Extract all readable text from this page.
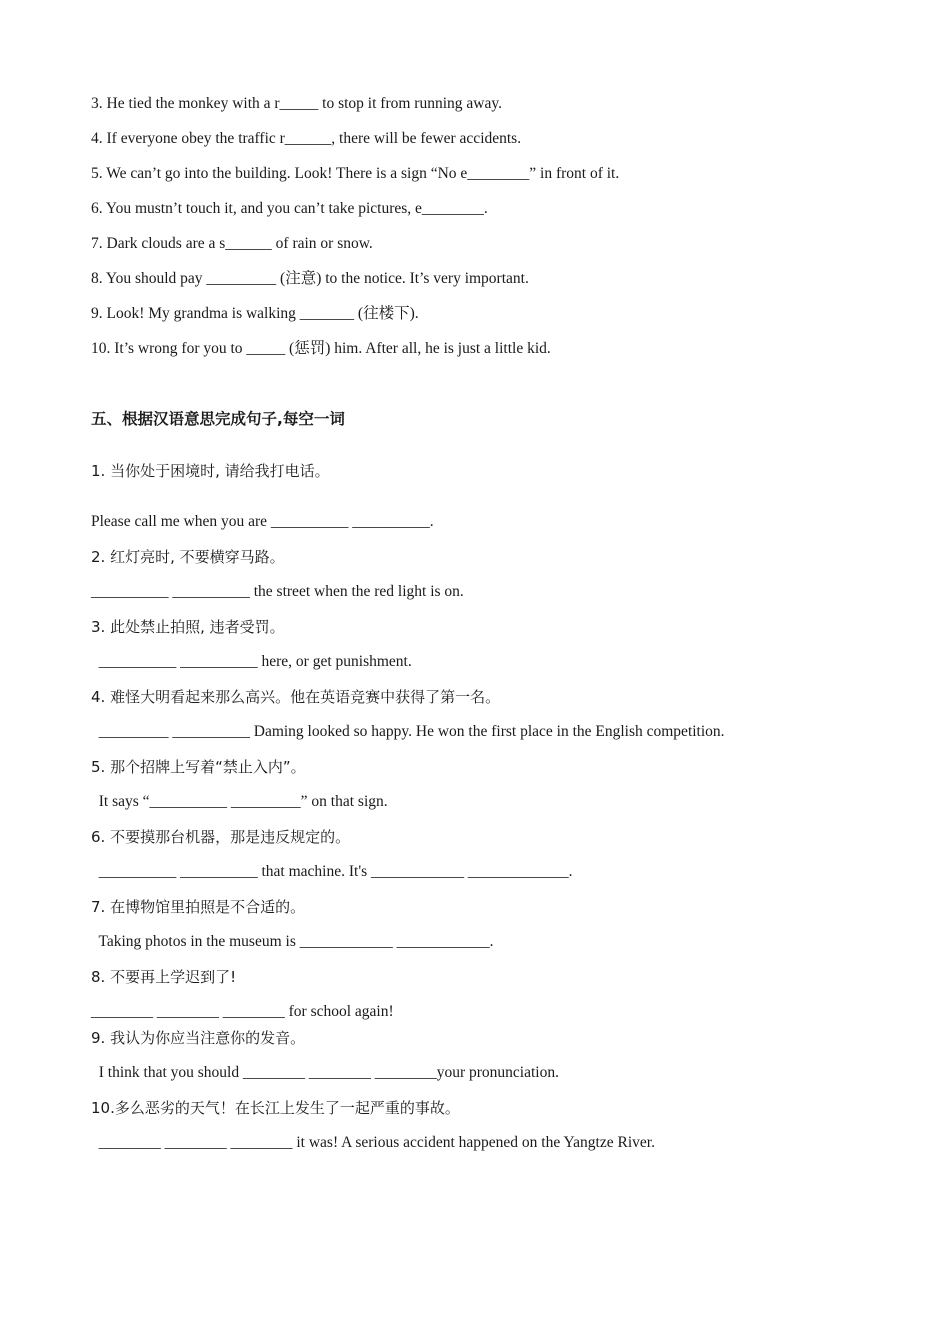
3. He tied the monkey with a r_____ to stop it from running away.
4. If everyone obey the traffic r______, there will be fewer accidents.
5. We can’t go into the building. Look! There is a sign “No e________” in front of it.
6. You mustn’t touch it, and you can’t take pictures, e________.
7. Dark clouds are a s______ of rain or snow.
8. You should pay _________ (注意) to the notice. It’s very important.
9. Look! My grandma is walking _______ (往楼下).
10. It’s wrong for you to _____ (惩罚) him. After all, he is just a little kid.
五、根据汉语意思完成句子,每空一词
1. 当你处于困境时, 请给我打电话。
Please call me when you are __________ __________.
2. 红灯亮时, 不要横穿马路。
__________ __________ the street when the red light is on.
3. 此处禁止拍照, 违者受罚。
__________ __________ here, or get punishment.
4. 难怪大明看起来那么高兴。他在英语竞赛中获得了第一名。
_________ __________ Daming looked so happy. He won the first place in the English competition.
5. 那个招牌上写着“禁止入内”。
It says “__________ _________” on that sign.
6. 不要摸那台机器，那是违反规定的。
__________ __________ that machine. It's ____________ _____________.
7. 在博物馆里拍照是不合适的。
Taking photos in the museum is ____________ ____________.
8. 不要再上学迟到了!
________ ________ ________ for school again!
9. 我认为你应当注意你的发音。
I think that you should ________ ________ ________your pronunciation.
10.多么恶劣的天气！在长江上发生了一起严重的事故。
________ ________ ________ it was! A serious accident happened on the Yangtze River.
